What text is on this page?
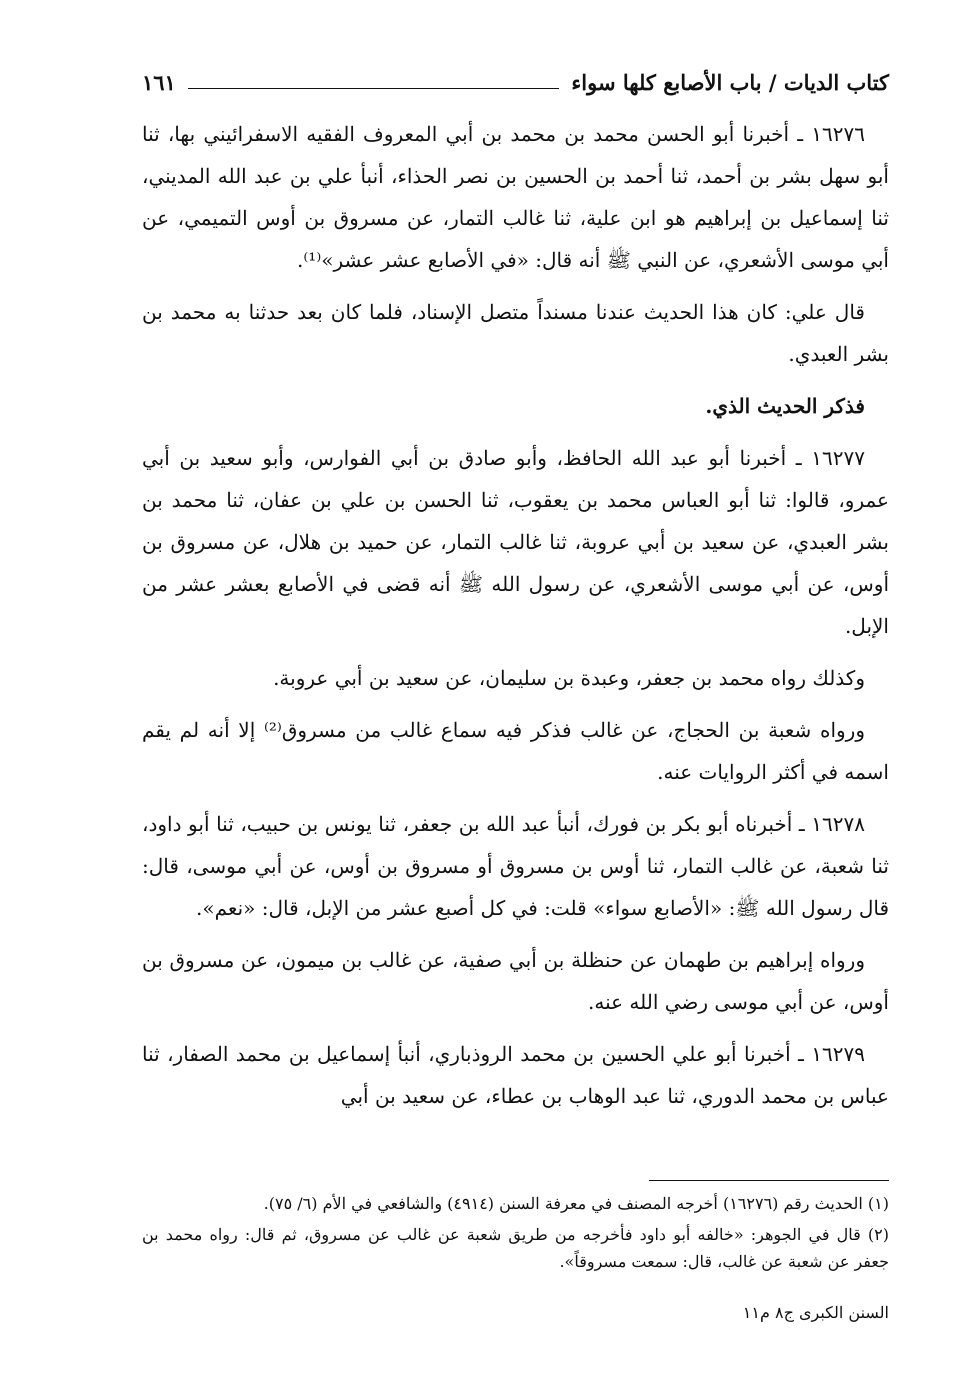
كتاب الديات / باب الأصابع كلها سواء
١٦١

١٦٢٧٦ ـ أخبرنا أبو الحسن محمد بن محمد بن أبي المعروف الفقيه الاسفرائيني بها، ثنا أبو سهل بشر بن أحمد، ثنا أحمد بن الحسين بن نصر الحذاء، أنبأ علي بن عبد الله المديني، ثنا إسماعيل بن إبراهيم هو ابن علية، ثنا غالب التمار، عن مسروق بن أوس التميمي، عن أبي موسى الأشعري، عن النبي ﷺ أنه قال: «في الأصابع عشر عشر»⁽¹⁾.

قال علي: كان هذا الحديث عندنا مسنداً متصل الإسناد، فلما كان بعد حدثنا به محمد بن بشر العبدي.

فذكر الحديث الذي.

١٦٢٧٧ ـ أخبرنا أبو عبد الله الحافظ، وأبو صادق بن أبي الفوارس، وأبو سعيد بن أبي عمرو، قالوا: ثنا أبو العباس محمد بن يعقوب، ثنا الحسن بن علي بن عفان، ثنا محمد بن بشر العبدي، عن سعيد بن أبي عروبة، ثنا غالب التمار، عن حميد بن هلال، عن مسروق بن أوس، عن أبي موسى الأشعري، عن رسول الله ﷺ أنه قضى في الأصابع بعشر عشر من الإبل.

وكذلك رواه محمد بن جعفر، وعبدة بن سليمان، عن سعيد بن أبي عروبة.

ورواه شعبة بن الحجاج، عن غالب فذكر فيه سماع غالب من مسروق⁽²⁾ إلا أنه لم يقم اسمه في أكثر الروايات عنه.

١٦٢٧٨ ـ أخبرناه أبو بكر بن فورك، أنبأ عبد الله بن جعفر، ثنا يونس بن حبيب، ثنا أبو داود، ثنا شعبة، عن غالب التمار، ثنا أوس بن مسروق أو مسروق بن أوس، عن أبي موسى، قال: قال رسول الله ﷺ: «الأصابع سواء» قلت: في كل أصبع عشر من الإبل، قال: «نعم».

ورواه إبراهيم بن طهمان عن حنظلة بن أبي صفية، عن غالب بن ميمون، عن مسروق بن أوس، عن أبي موسى رضي الله عنه.

١٦٢٧٩ ـ أخبرنا أبو علي الحسين بن محمد الروذباري، أنبأ إسماعيل بن محمد الصفار، ثنا عباس بن محمد الدوري، ثنا عبد الوهاب بن عطاء، عن سعيد بن أبي

(١) الحديث رقم (١٦٢٧٦) أخرجه المصنف في معرفة السنن (٤٩١٤) والشافعي في الأم (٦/ ٧٥).

(٢) قال في الجوهر: «خالفه أبو داود فأخرجه من طريق شعبة عن غالب عن مسروق، ثم قال: رواه محمد بن جعفر عن شعبة عن غالب، قال: سمعت مسروقاً».

السنن الكبرى ج٨ م١١
